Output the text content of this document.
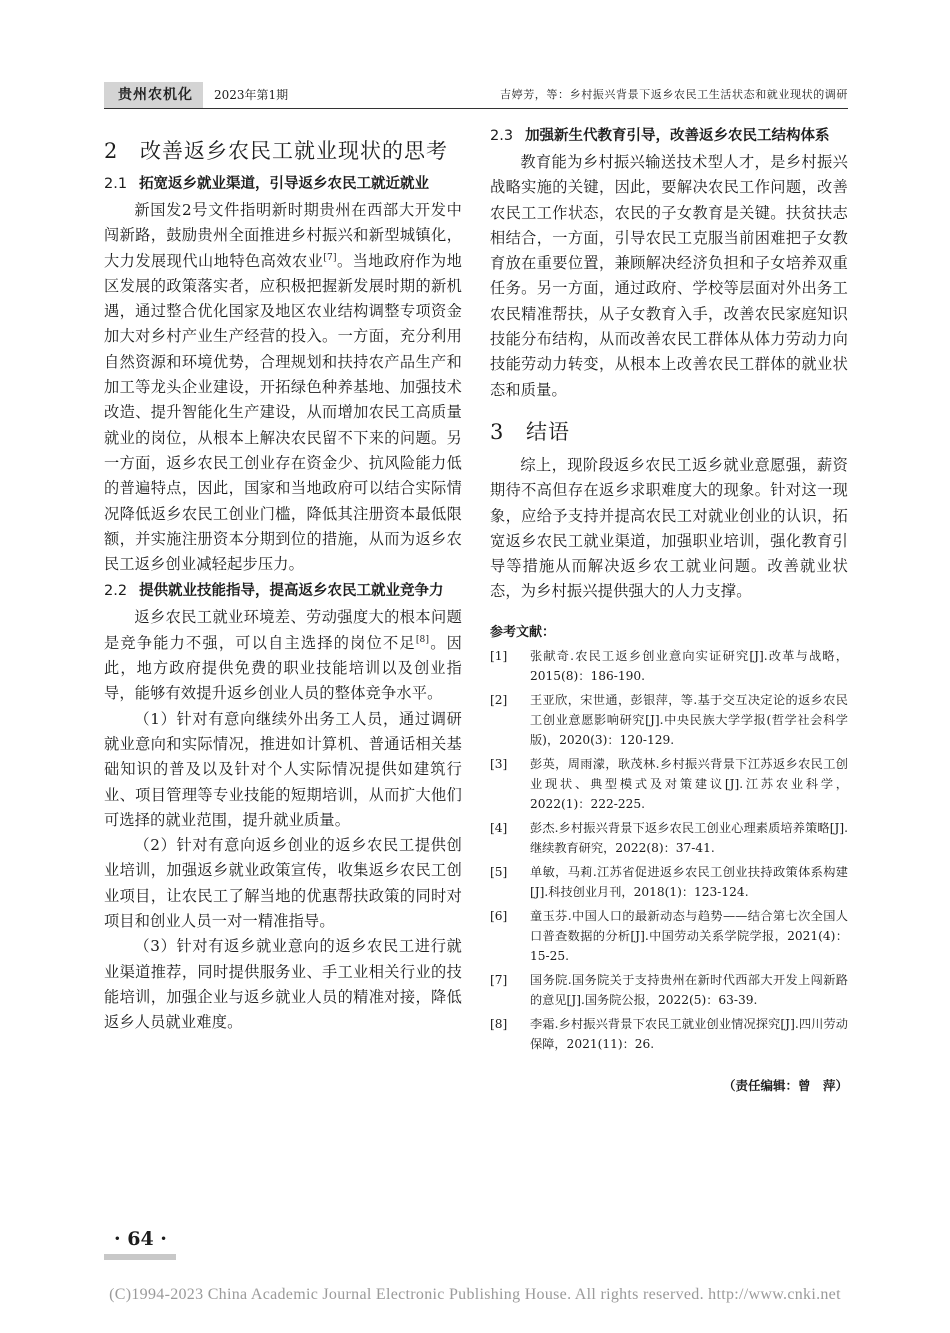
贵州农机化	2023年第1期	吉婷芳，等：乡村振兴背景下返乡农民工生活状态和就业现状的调研
2 改善返乡农民工就业现状的思考
2.1 拓宽返乡就业渠道，引导返乡农民工就近就业

新国发2号文件指明新时期贵州在西部大开发中闯新路，鼓励贵州全面推进乡村振兴和新型城镇化，大力发展现代山地特色高效农业[7]。当地政府作为地区发展的政策落实者，应积极把握新发展时期的新机遇，通过整合优化国家及地区农业结构调整专项资金加大对乡村产业生产经营的投入。一方面，充分利用自然资源和环境优势，合理规划和扶持农产品生产和加工等龙头企业建设，开拓绿色种养基地、加强技术改造、提升智能化生产建设，从而增加农民工高质量就业的岗位，从根本上解决农民留不下来的问题。另一方面，返乡农民工创业存在资金少、抗风险能力低的普遍特点，因此，国家和当地政府可以结合实际情况降低返乡农民工创业门槛，降低其注册资本最低限额，并实施注册资本分期到位的措施，从而为返乡农民工返乡创业减轻起步压力。

2.2 提供就业技能指导，提高返乡农民工就业竞争力

返乡农民工就业环境差、劳动强度大的根本问题是竞争能力不强，可以自主选择的岗位不足[8]。因此，地方政府提供免费的职业技能培训以及创业指导，能够有效提升返乡创业人员的整体竞争水平。

（1）针对有意向继续外出务工人员，通过调研就业意向和实际情况，推进如计算机、普通话相关基础知识的普及以及针对个人实际情况提供如建筑行业、项目管理等专业技能的短期培训，从而扩大他们可选择的就业范围，提升就业质量。

（2）针对有意向返乡创业的返乡农民工提供创业培训，加强返乡就业政策宣传，收集返乡农民工创业项目，让农民工了解当地的优惠帮扶政策的同时对项目和创业人员一对一精准指导。

（3）针对有返乡就业意向的返乡农民工进行就业渠道推荐，同时提供服务业、手工业相关行业的技能培训，加强企业与返乡就业人员的精准对接，降低返乡人员就业难度。

2.3 加强新生代教育引导，改善返乡农民工结构体系

教育能为乡村振兴输送技术型人才，是乡村振兴战略实施的关键，因此，要解决农民工作问题，改善农民工工作状态，农民的子女教育是关键。扶贫扶志相结合，一方面，引导农民工克服当前困难把子女教育放在重要位置，兼顾解决经济负担和子女培养双重任务。另一方面，通过政府、学校等层面对外出务工农民精准帮扶，从子女教育入手，改善农民家庭知识技能分布结构，从而改善农民工群体从体力劳动力向技能劳动力转变，从根本上改善农民工群体的就业状态和质量。

3 结语

综上，现阶段返乡农民工返乡就业意愿强，薪资期待不高但存在返乡求职难度大的现象。针对这一现象，应给予支持并提高农民工对就业创业的认识，拓宽返乡农民工就业渠道，加强职业培训，强化教育引导等措施从而解决返乡农工就业问题。改善就业状态，为乡村振兴提供强大的人力支撑。

参考文献：
[1]	张献奇.农民工返乡创业意向实证研究[J].改革与战略，2015(8)：186-190.
[2]	王亚欣，宋世通，彭银萍，等.基于交互决定论的返乡农民工创业意愿影响研究[J].中央民族大学学报(哲学社会科学版)，2020(3)：120-129.
[3]	彭英，周雨濛，耿茂林.乡村振兴背景下江苏返乡农民工创业现状、典型模式及对策建议[J].江苏农业科学，2022(1)：222-225.
[4]	彭杰.乡村振兴背景下返乡农民工创业心理素质培养策略[J].继续教育研究，2022(8)：37-41.
[5]	单敏，马莉.江苏省促进返乡农民工创业扶持政策体系构建[J].科技创业月刊，2018(1)：123-124.
[6]	童玉芬.中国人口的最新动态与趋势——结合第七次全国人口普查数据的分析[J].中国劳动关系学院学报，2021(4)：15-25.
[7]	国务院.国务院关于支持贵州在新时代西部大开发上闯新路的意见[J].国务院公报，2022(5)：63-39.
[8]	李霜.乡村振兴背景下农民工就业创业情况探究[J].四川劳动保障，2021(11)：26.
（责任编辑：曾　萍）
· 64 ·
(C)1994-2023 China Academic Journal Electronic Publishing House. All rights reserved. http://www.cnki.net
